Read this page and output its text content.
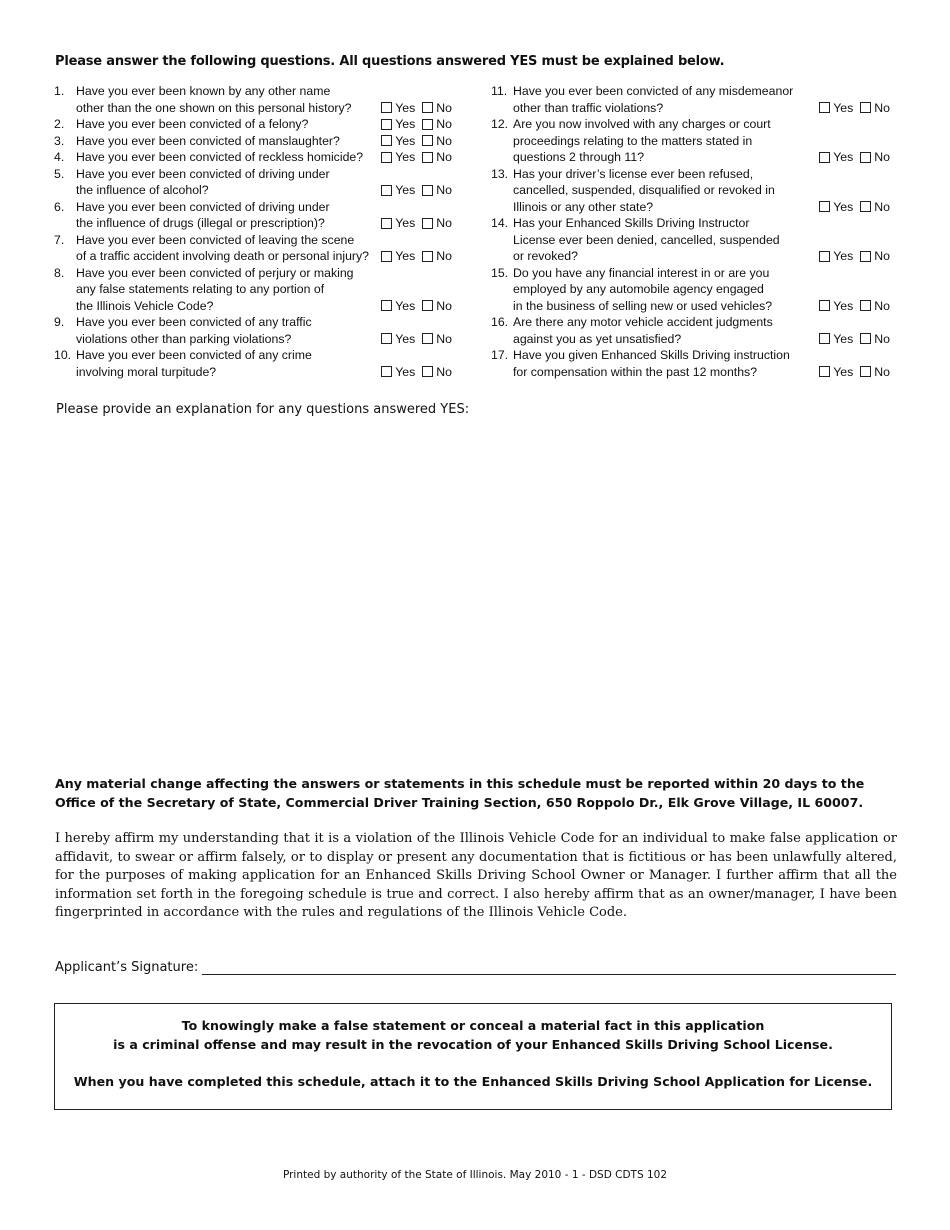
Please answer the following questions. All questions answered YES must be explained below.
1. Have you ever been known by any other name
other than the one shown on this personal history?	Yes No
2. Have you ever been convicted of a felony?	Yes No
3. Have you ever been convicted of manslaughter?	Yes No
4. Have you ever been convicted of reckless homicide?	Yes No
5. Have you ever been convicted of driving under
the influence of alcohol?	Yes No
6. Have you ever been convicted of driving under
the influence of drugs (illegal or prescription)?	Yes No
7. Have you ever been convicted of leaving the scene
of a traffic accident involving death or personal injury?	Yes No
8. Have you ever been convicted of perjury or making
any false statements relating to any portion of
the Illinois Vehicle Code?	Yes No
9. Have you ever been convicted of any traffic
violations other than parking violations?	Yes No
10. Have you ever been convicted of any crime
involving moral turpitude?	Yes No
11. Have you ever been convicted of any misdemeanor
other than traffic violations?	Yes No
12. Are you now involved with any charges or court
proceedings relating to the matters stated in
questions 2 through 11?	Yes No
13. Has your driver’s license ever been refused,
cancelled, suspended, disqualified or revoked in
Illinois or any other state?	Yes No
14. Has your Enhanced Skills Driving Instructor
License ever been denied, cancelled, suspended
or revoked?	Yes No
15. Do you have any financial interest in or are you
employed by any automobile agency engaged
in the business of selling new or used vehicles?	Yes No
16. Are there any motor vehicle accident judgments
against you as yet unsatisfied?	Yes No
17. Have you given Enhanced Skills Driving instruction
for compensation within the past 12 months?	Yes No
Please provide an explanation for any questions answered YES:
Any material change affecting the answers or statements in this schedule must be reported within 20 days to the Office of the Secretary of State, Commercial Driver Training Section, 650 Roppolo Dr., Elk Grove Village, IL 60007.
I hereby affirm my understanding that it is a violation of the Illinois Vehicle Code for an individual to make false application or affidavit, to swear or affirm falsely, or to display or present any documentation that is fictitious or has been unlawfully altered, for the purposes of making application for an Enhanced Skills Driving School Owner or Manager. I further affirm that all the information set forth in the foregoing schedule is true and correct. I also hereby affirm that as an owner/manager, I have been fingerprinted in accordance with the rules and regulations of the Illinois Vehicle Code.
Applicant’s Signature:
To knowingly make a false statement or conceal a material fact in this application
is a criminal offense and may result in the revocation of your Enhanced Skills Driving School License.
When you have completed this schedule, attach it to the Enhanced Skills Driving School Application for License.
Printed by authority of the State of Illinois. May 2010 - 1 - DSD CDTS 102
